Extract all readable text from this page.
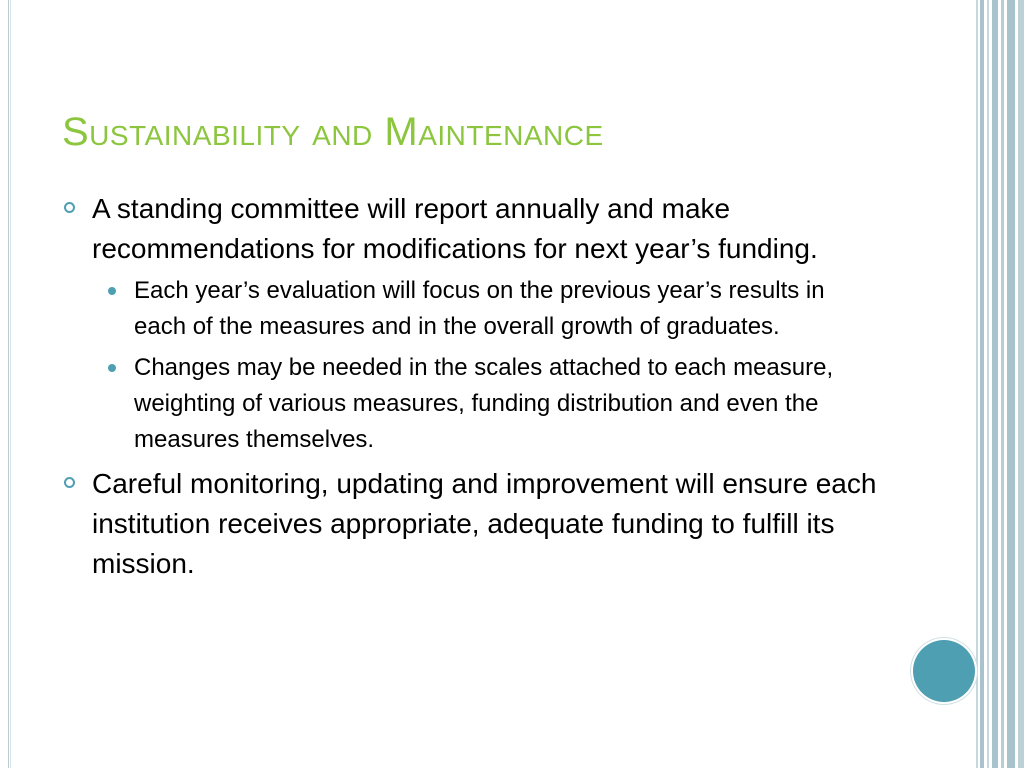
Sustainability and Maintenance
A standing committee will report annually and make recommendations for modifications for next year’s funding.
Each year’s evaluation will focus on the previous year’s results in each of the measures and in the overall growth of graduates.
Changes may be needed in the scales attached to each measure, weighting of various measures, funding distribution and even the measures themselves.
Careful monitoring, updating and improvement will ensure each institution receives appropriate, adequate funding to fulfill its mission.
